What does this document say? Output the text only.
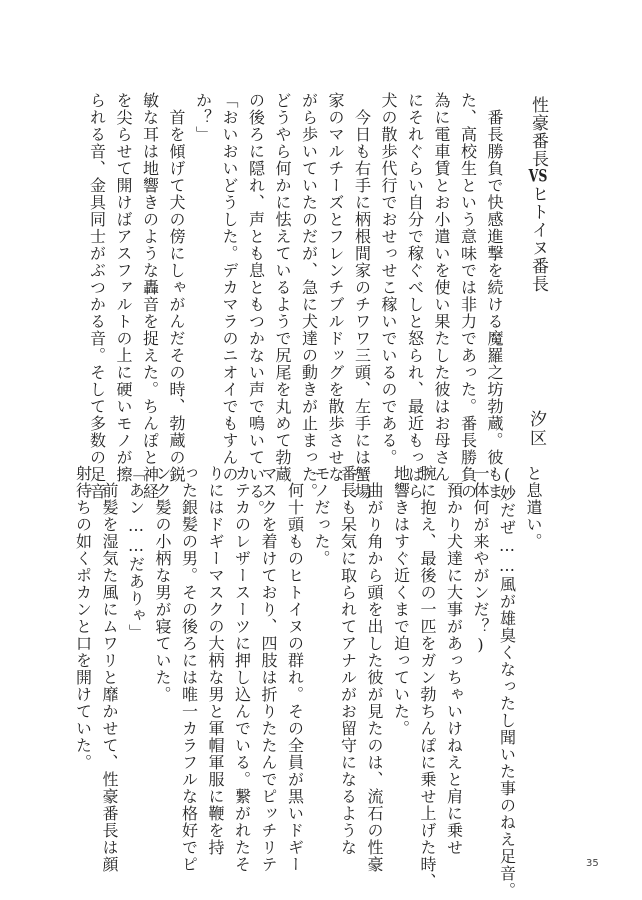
性豪番長VSヒトイヌ番長
汐区
　番長勝負で快感進撃を続ける魔羅之坊勃蔵。彼もま
た、高校生という意味では非力であった。番長勝負の
為に電車賃とお小遣いを使い果たした彼はお母さん
にそれぐらい自分で稼ぐべしと怒られ、最近もっぱら
犬の散歩代行でおせっせこ稼いでいるのである。
　今日も右手に柄根間家のチワワ三頭、左手には蟹場
家のマルチーズとフレンチブルドッグを散歩させな
がら歩いていたのだが、急に犬達の動きが止まった。
どうやら何かに怯えているようで尻尾を丸めて勃蔵
の後ろに隠れ、声とも息ともつかない声で鳴いている。
「おいおいどうした。デカマラのニオイでもすんの
か？」
　首を傾げて犬の傍にしゃがんだその時、勃蔵の鋭
敏な耳は地響きのような轟音を捉えた。ちんぽと神経
を尖らせて開けばアスファルトの上に硬いモノが擦
られる音、金具同士がぶつかる音。そして多数の足音
と息遣い。
(妙だぜ……風が雄臭くなったし聞いた事のねえ足音。
一体何が来やがンだ？)
　預かり犬達に大事があっちゃいけねえと肩に乗せ
腕に抱え、最後の一匹をガン勃ちんぽに乗せ上げた時、
地響きはすぐ近くまで迫っていた。
　曲がり角から頭を出した彼が見たのは、流石の性豪
番長も呆気に取られてアナルがお留守になるような
モノだった。
　何十頭ものヒトイヌの群れ。その全員が黒いドギー
マスクを着けており、四肢は折りたたんでピッチリテ
カテカのレザースーツに押し込んでいる。繋がれたそ
りにはドギーマスクの大柄な男と軍帽軍服に鞭を持
った銀髪の男。その後ろには唯一カラフルな格好でピ
ンク髪の小柄な男が寝ていた。
「あン……だありゃ」
　前髪を湿気た風にムワリと靡かせて、性豪番長は顔
射待ちの如くポカンと口を開けていた。
35
